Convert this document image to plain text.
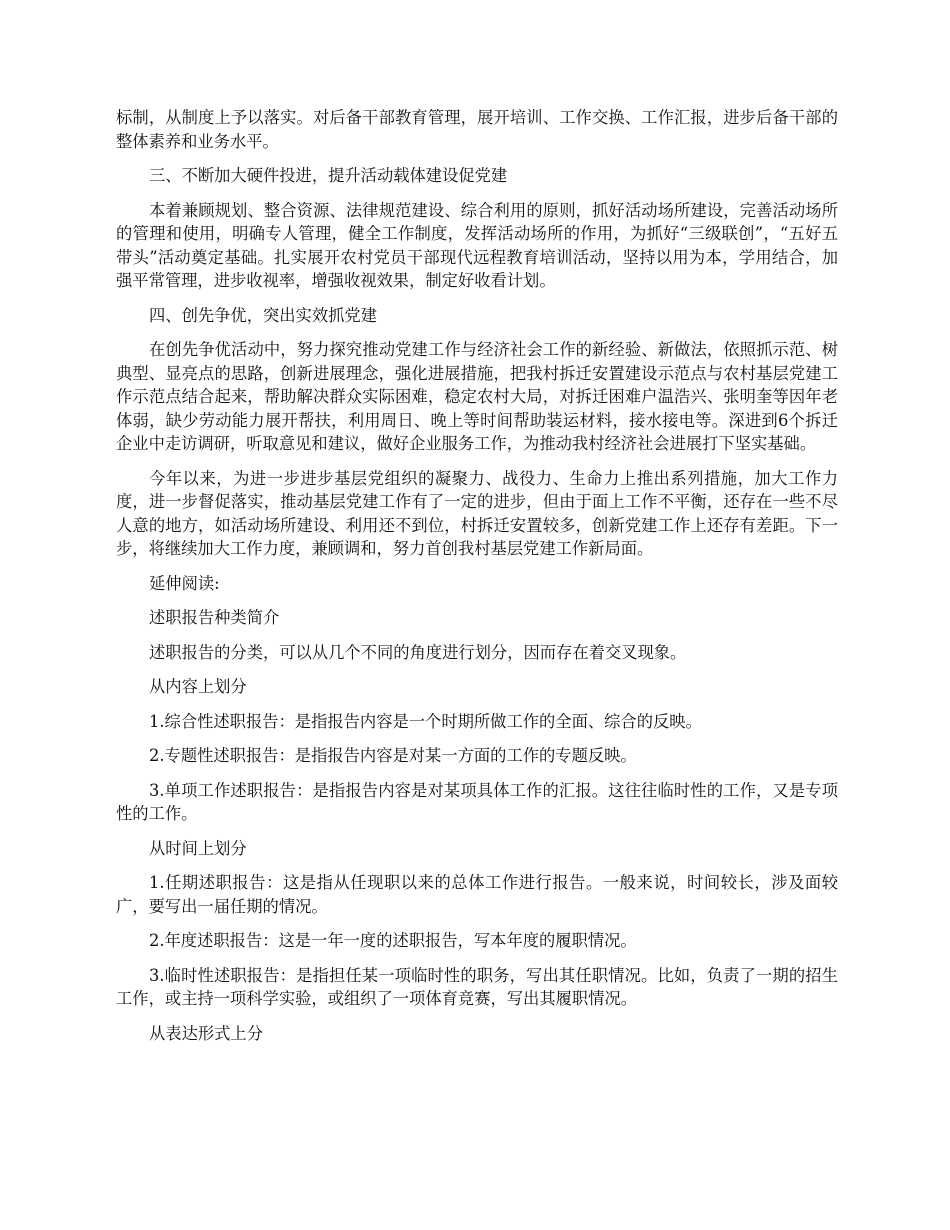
标制，从制度上予以落实。对后备干部教育管理，展开培训、工作交换、工作汇报，进步后备干部的整体素养和业务水平。

三、不断加大硬件投进，提升活动载体建设促党建

本着兼顾规划、整合资源、法律规范建设、综合利用的原则，抓好活动场所建设，完善活动场所的管理和使用，明确专人管理，健全工作制度，发挥活动场所的作用，为抓好“三级联创”，“五好五带头”活动奠定基础。扎实展开农村党员干部现代远程教育培训活动，坚持以用为本，学用结合，加强平常管理，进步收视率，增强收视效果，制定好收看计划。

四、创先争优，突出实效抓党建

在创先争优活动中，努力探究推动党建工作与经济社会工作的新经验、新做法，依照抓示范、树典型、显亮点的思路，创新进展理念，强化进展措施，把我村拆迁安置建设示范点与农村基层党建工作示范点结合起来，帮助解决群众实际困难，稳定农村大局，对拆迁困难户温浩兴、张明奎等因年老体弱，缺少劳动能力展开帮扶，利用周日、晚上等时间帮助装运材料，接水接电等。深进到6个拆迁企业中走访调研，听取意见和建议，做好企业服务工作，为推动我村经济社会进展打下坚实基础。

今年以来，为进一步进步基层党组织的凝聚力、战役力、生命力上推出系列措施，加大工作力度，进一步督促落实，推动基层党建工作有了一定的进步，但由于面上工作不平衡，还存在一些不尽人意的地方，如活动场所建设、利用还不到位，村拆迁安置较多，创新党建工作上还存有差距。下一步，将继续加大工作力度，兼顾调和，努力首创我村基层党建工作新局面。

延伸阅读:

述职报告种类简介

述职报告的分类，可以从几个不同的角度进行划分，因而存在着交叉现象。

从内容上划分

1.综合性述职报告：是指报告内容是一个时期所做工作的全面、综合的反映。

2.专题性述职报告：是指报告内容是对某一方面的工作的专题反映。

3.单项工作述职报告：是指报告内容是对某项具体工作的汇报。这往往临时性的工作，又是专项性的工作。

从时间上划分

1.任期述职报告：这是指从任现职以来的总体工作进行报告。一般来说，时间较长，涉及面较广，要写出一届任期的情况。

2.年度述职报告：这是一年一度的述职报告，写本年度的履职情况。

3.临时性述职报告：是指担任某一项临时性的职务，写出其任职情况。比如，负责了一期的招生工作，或主持一项科学实验，或组织了一项体育竞赛，写出其履职情况。

从表达形式上分
